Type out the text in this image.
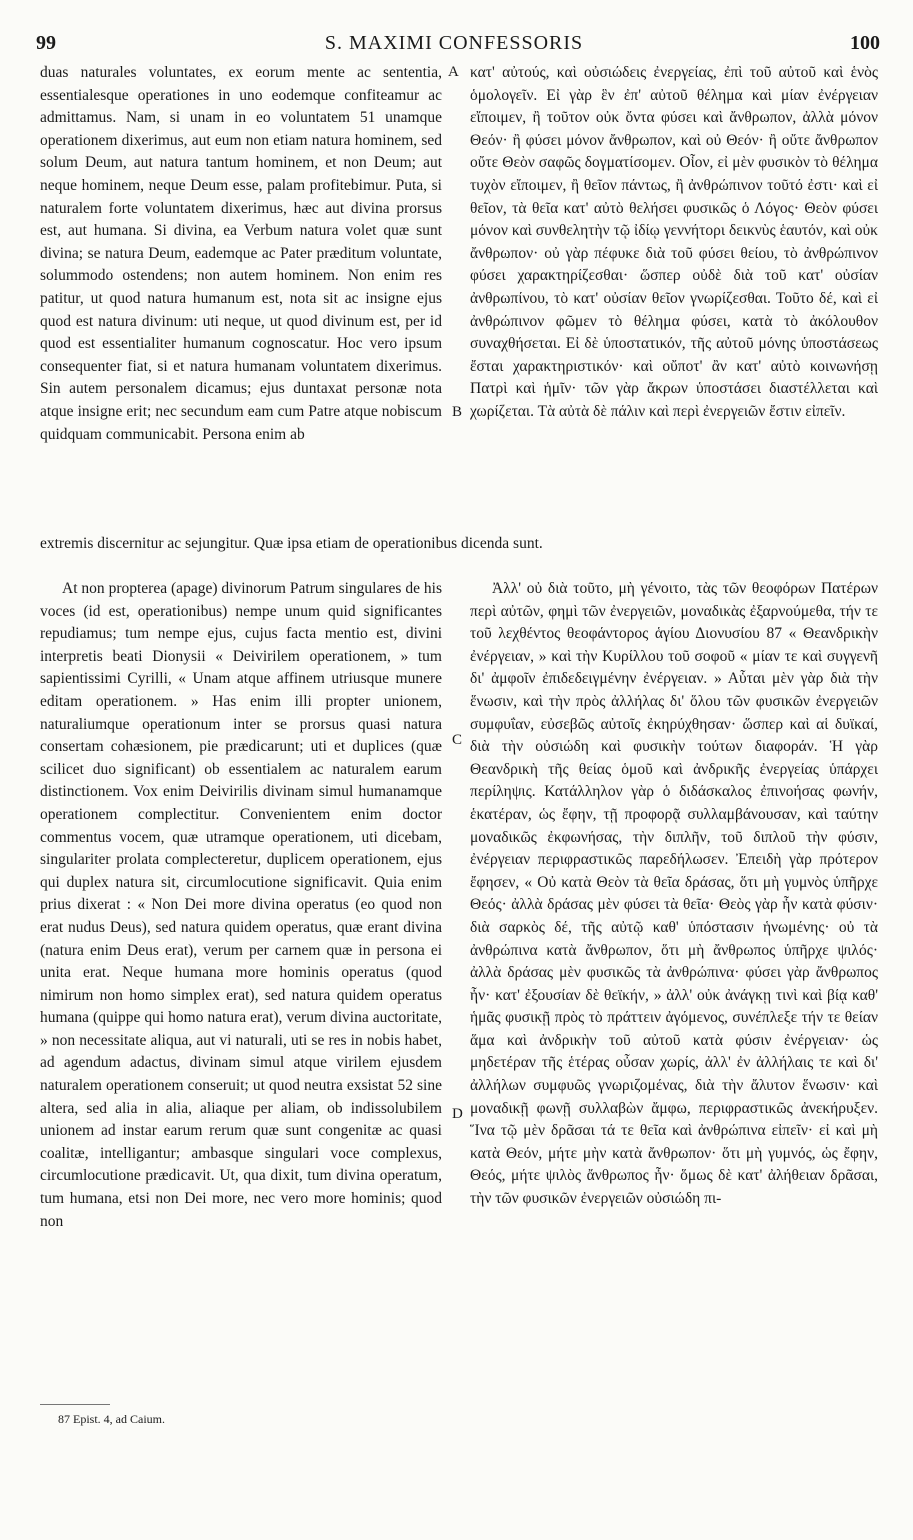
99	S. MAXIMI CONFESSORIS	100
A
B
C
D

duas naturales voluntates, ex eorum mente ac sententia, essentialesque operationes in uno eodemque confiteamur ac admittamus. Nam, si unam in eo voluntatem 51 unamque operationem dixerimus, aut eum non etiam natura hominem, sed solum Deum, aut natura tantum hominem, et non Deum; aut neque hominem, neque Deum esse, palam profitebimur. Puta, si naturalem forte voluntatem dixerimus, hæc aut divina prorsus est, aut humana. Si divina, ea Verbum natura volet quæ sunt divina; se natura Deum, eademque ac Pater præditum voluntate, solummodo ostendens; non autem hominem. Non enim res patitur, ut quod natura humanum est, nota sit ac insigne ejus quod est natura divinum: uti neque, ut quod divinum est, per id quod est essentialiter humanum cognoscatur. Hoc vero ipsum consequenter fiat, si et natura humanam voluntatem dixerimus. Sin autem personalem dicamus; ejus duntaxat personæ nota atque insigne erit; nec secundum eam cum Patre atque nobiscum quidquam communicabit. Persona enim ab

κατ' αὐτούς, καὶ οὐσιώδεις ἐνεργείας, ἐπὶ τοῦ αὐτοῦ καὶ ἑνὸς ὁμολογεῖν. Εἰ γὰρ ἓν ἐπ' αὐτοῦ θέλημα καὶ μίαν ἐνέργειαν εἴποιμεν, ἢ τοῦτον οὐκ ὄντα φύσει καὶ ἄνθρωπον, ἀλλὰ μόνον Θεόν· ἢ φύσει μόνον ἄνθρωπον, καὶ οὐ Θεόν· ἢ οὔτε ἄνθρωπον οὔτε Θεὸν σαφῶς δογματίσομεν. Οἷον, εἰ μὲν φυσικὸν τὸ θέλημα τυχὸν εἴποιμεν, ἢ θεῖον πάντως, ἢ ἀνθρώπινον τοῦτό ἐστι· καὶ εἰ θεῖον, τὰ θεῖα κατ' αὐτὸ θελήσει φυσικῶς ὁ Λόγος· Θεὸν φύσει μόνον καὶ συνθελητὴν τῷ ἰδίῳ γεννήτορι δεικνὺς ἑαυτόν, καὶ οὐκ ἄνθρωπον· οὐ γὰρ πέφυκε διὰ τοῦ φύσει θείου, τὸ ἀνθρώπινον φύσει χαρακτηρίζεσθαι· ὥσπερ οὐδὲ διὰ τοῦ κατ' οὐσίαν ἀνθρωπίνου, τὸ κατ' οὐσίαν θεῖον γνωρίζεσθαι. Τοῦτο δέ, καὶ εἰ ἀνθρώπινον φῶμεν τὸ θέλημα φύσει, κατὰ τὸ ἀκόλουθον συναχθήσεται. Εἰ δὲ ὑποστατικόν, τῆς αὐτοῦ μόνης ὑποστάσεως ἔσται χαρακτηριστικόν· καὶ οὔποτ' ἂν κατ' αὐτὸ κοινωνήσῃ Πατρὶ καὶ ἡμῖν· τῶν γὰρ ἄκρων ὑποστάσει διαστέλλεται καὶ χωρίζεται. Τὰ αὐτὰ δὲ πάλιν καὶ περὶ ἐνεργειῶν ἔστιν εἰπεῖν.

extremis discernitur ac sejungitur. Quæ ipsa etiam de operationibus dicenda sunt.

At non propterea (apage) divinorum Patrum singulares de his voces (id est, operationibus) nempe unum quid significantes repudiamus; tum nempe ejus, cujus facta mentio est, divini interpretis beati Dionysii « Deivirilem operationem, » tum sapientissimi Cyrilli, « Unam atque affinem utriusque munere editam operationem. » Has enim illi propter unionem, naturaliumque operationum inter se prorsus quasi natura consertam cohæsionem, pie prædicarunt; uti et duplices (quæ scilicet duo significant) ob essentialem ac naturalem earum distinctionem. Vox enim Deivirilis divinam simul humanamque operationem complectitur. Convenientem enim doctor commentus vocem, quæ utramque operationem, uti dicebam, singulariter prolata complecteretur, duplicem operationem, ejus qui duplex natura sit, circumlocutione significavit. Quia enim prius dixerat : « Non Dei more divina operatus (eo quod non erat nudus Deus), sed natura quidem operatus, quæ erant divina (natura enim Deus erat), verum per carnem quæ in persona ei unita erat. Neque humana more hominis operatus (quod nimirum non homo simplex erat), sed natura quidem operatus humana (quippe qui homo natura erat), verum divina auctoritate, » non necessitate aliqua, aut vi naturali, uti se res in nobis habet, ad agendum adactus, divinam simul atque virilem ejusdem naturalem operationem conseruit; ut quod neutra exsistat 52 sine altera, sed alia in alia, aliaque per aliam, ob indissolubilem unionem ad instar earum rerum quæ sunt congenitæ ac quasi coalitæ, intelligantur; ambasque singulari voce complexus, circumlocutione prædicavit. Ut, qua dixit, tum divina operatum, tum humana, etsi non Dei more, nec vero more hominis; quod non

Ἀλλ' οὐ διὰ τοῦτο, μὴ γένοιτο, τὰς τῶν θεοφόρων Πατέρων περὶ αὐτῶν, φημὶ τῶν ἐνεργειῶν, μοναδικὰς ἐξαρνούμεθα, τήν τε τοῦ λεχθέντος θεοφάντορος ἁγίου Διονυσίου 87 « Θεανδρικὴν ἐνέργειαν, » καὶ τὴν Κυρίλλου τοῦ σοφοῦ « μίαν τε καὶ συγγενῆ δι' ἀμφοῖν ἐπιδεδειγμένην ἐνέργειαν. » Αὗται μὲν γὰρ διὰ τὴν ἕνωσιν, καὶ τὴν πρὸς ἀλλήλας δι' ὅλου τῶν φυσικῶν ἐνεργειῶν συμφυΐαν, εὐσεβῶς αὐτοῖς ἐκηρύχθησαν· ὥσπερ καὶ αἱ δυϊκαί, διὰ τὴν οὐσιώδη καὶ φυσικὴν τούτων διαφοράν. Ἡ γὰρ Θεανδρικὴ τῆς θείας ὁμοῦ καὶ ἀνδρικῆς ἐνεργείας ὑπάρχει περίληψις. Κατάλληλον γὰρ ὁ διδάσκαλος ἐπινοήσας φωνήν, ἑκατέραν, ὡς ἔφην, τῇ προφορᾷ συλλαμβάνουσαν, καὶ ταύτην μοναδικῶς ἐκφωνήσας, τὴν διπλῆν, τοῦ διπλοῦ τὴν φύσιν, ἐνέργειαν περιφραστικῶς παρεδήλωσεν. Ἐπειδὴ γὰρ πρότερον ἔφησεν, « Οὐ κατὰ Θεὸν τὰ θεῖα δράσας, ὅτι μὴ γυμνὸς ὑπῆρχε Θεός· ἀλλὰ δράσας μὲν φύσει τὰ θεῖα· Θεὸς γὰρ ἦν κατὰ φύσιν· διὰ σαρκὸς δέ, τῆς αὐτῷ καθ' ὑπόστασιν ἡνωμένης· οὐ τὰ ἀνθρώπινα κατὰ ἄνθρωπον, ὅτι μὴ ἄνθρωπος ὑπῆρχε ψιλός· ἀλλὰ δράσας μὲν φυσικῶς τὰ ἀνθρώπινα· φύσει γὰρ ἄνθρωπος ἦν· κατ' ἐξουσίαν δὲ θεϊκήν, » ἀλλ' οὐκ ἀνάγκῃ τινὶ καὶ βίᾳ καθ' ἡμᾶς φυσικῇ πρὸς τὸ πράττειν ἀγόμενος, συνέπλεξε τήν τε θείαν ἅμα καὶ ἀνδρικὴν τοῦ αὐτοῦ κατὰ φύσιν ἐνέργειαν· ὡς μηδετέραν τῆς ἑτέρας οὖσαν χωρίς, ἀλλ' ἐν ἀλλήλαις τε καὶ δι' ἀλλήλων συμφυῶς γνωριζομένας, διὰ τὴν ἄλυτον ἕνωσιν· καὶ μοναδικῇ φωνῇ συλλαβὼν ἄμφω, περιφραστικῶς ἀνεκήρυξεν. Ἵνα τῷ μὲν δρᾶσαι τά τε θεῖα καὶ ἀνθρώπινα εἰπεῖν· εἰ καὶ μὴ κατὰ Θεόν, μήτε μὴν κατὰ ἄνθρωπον· ὅτι μὴ γυμνός, ὡς ἔφην, Θεός, μήτε ψιλὸς ἄνθρωπος ἦν· ὅμως δὲ κατ' ἀλήθειαν δρᾶσαι, τὴν τῶν φυσικῶν ἐνεργειῶν οὐσιώδη πι-

87 Epist. 4, ad Caium.
